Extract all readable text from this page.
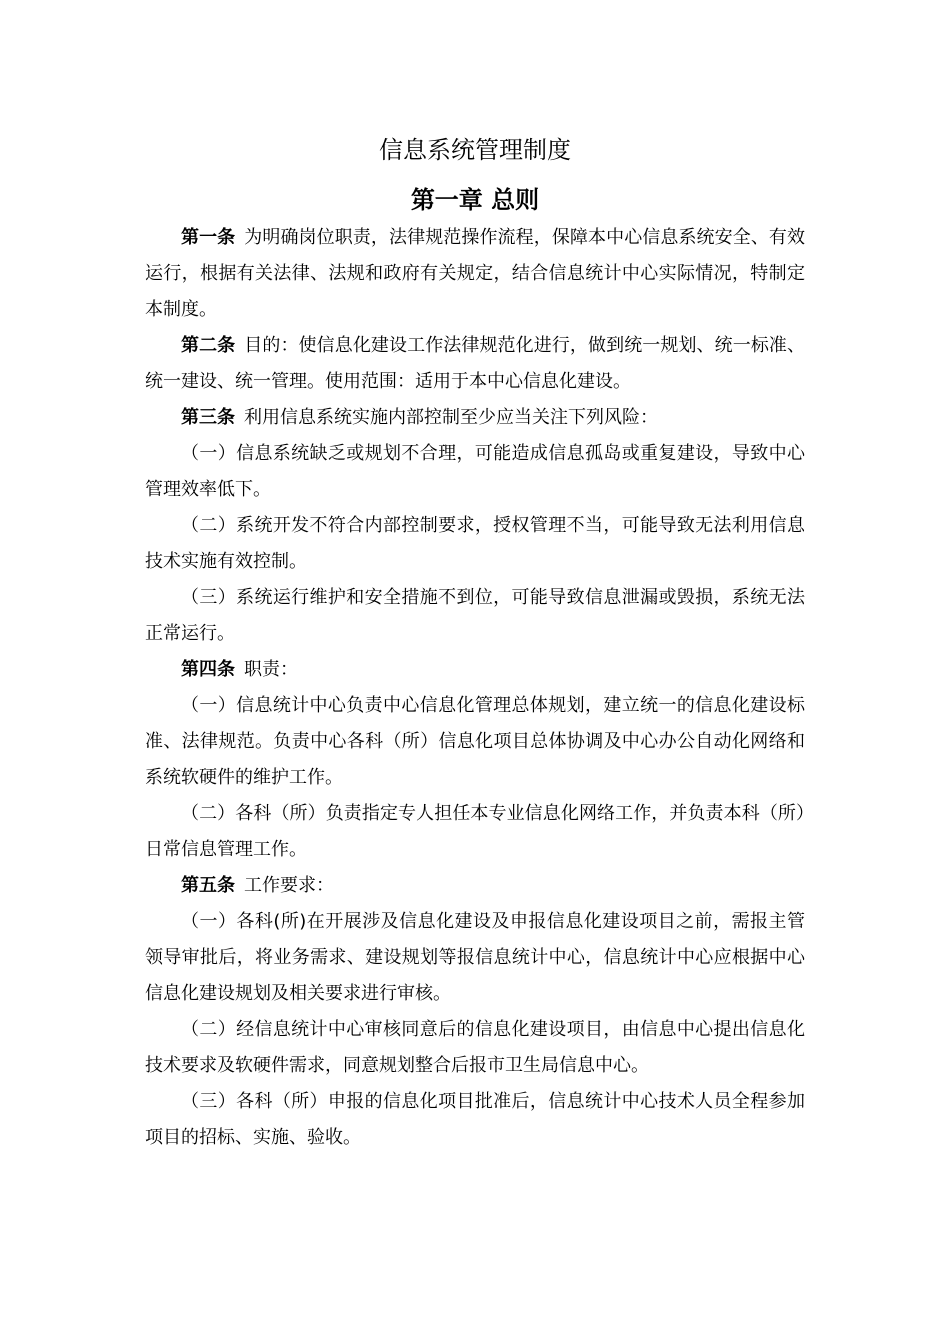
信息系统管理制度
第一章 总则

第一条 为明确岗位职责，法律规范操作流程，保障本中心信息系统安全、有效运行，根据有关法律、法规和政府有关规定，结合信息统计中心实际情况，特制定本制度。

第二条 目的：使信息化建设工作法律规范化进行，做到统一规划、统一标准、统一建设、统一管理。使用范围：适用于本中心信息化建设。

第三条 利用信息系统实施内部控制至少应当关注下列风险：

（一）信息系统缺乏或规划不合理，可能造成信息孤岛或重复建设，导致中心管理效率低下。

（二）系统开发不符合内部控制要求，授权管理不当，可能导致无法利用信息技术实施有效控制。

（三）系统运行维护和安全措施不到位，可能导致信息泄漏或毁损，系统无法正常运行。

第四条 职责：

（一）信息统计中心负责中心信息化管理总体规划，建立统一的信息化建设标准、法律规范。负责中心各科（所）信息化项目总体协调及中心办公自动化网络和系统软硬件的维护工作。

（二）各科（所）负责指定专人担任本专业信息化网络工作，并负责本科（所）日常信息管理工作。

第五条 工作要求：

（一）各科(所)在开展涉及信息化建设及申报信息化建设项目之前，需报主管领导审批后，将业务需求、建设规划等报信息统计中心，信息统计中心应根据中心信息化建设规划及相关要求进行审核。

（二）经信息统计中心审核同意后的信息化建设项目，由信息中心提出信息化技术要求及软硬件需求，同意规划整合后报市卫生局信息中心。

（三）各科（所）申报的信息化项目批准后，信息统计中心技术人员全程参加项目的招标、实施、验收。
